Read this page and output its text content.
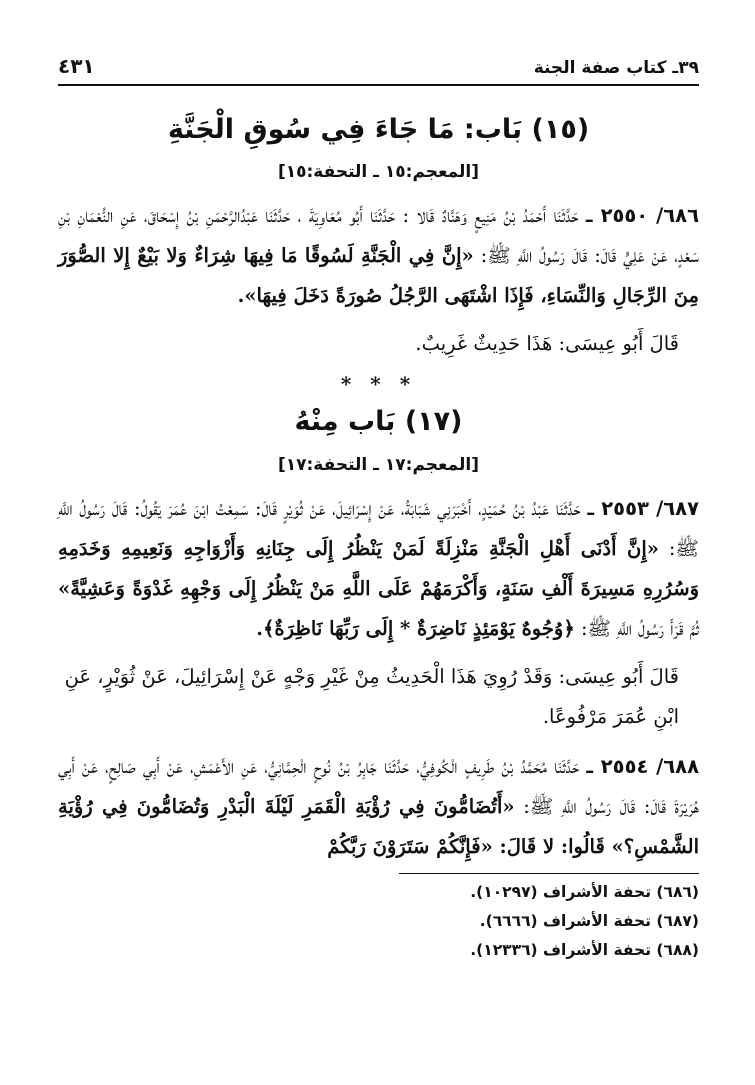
٣٩ـ كتاب صفة الجنة
٤٣١
(١٥) بَاب: مَا جَاءَ فِي سُوقِ الْجَنَّةِ
[المعجم:١٥ ـ التحفة:١٥]
٦٨٦/ ٢٥٥٠ ـ حَدَّثَنَا أَحْمَدُ بْنُ مَنِيعٍ وَهَنَّادٌ قَالا : حَدَّثَنَا أَبُو مُعَاوِيَةَ ، حَدَّثَنَا عَبْدُالرَّحْمَنِ بْنُ إِسْحَاقَ، عَنِ النُّعْمَانِ بْنِ سَعْدٍ، عَنْ عَلِيٍّ قَالَ: قَالَ رَسُولُ اللَّهِ ﷺ: «إِنَّ فِي الْجَنَّةِ لَسُوقًا مَا فِيهَا شِرَاءٌ وَلا بَيْعٌ إِلا الصُّوَرَ مِنَ الرِّجَالِ وَالنِّسَاءِ، فَإِذَا اشْتَهَى الرَّجُلُ صُورَةً دَخَلَ فِيهَا».
قَالَ أَبُو عِيسَى: هَذَا حَدِيثٌ غَرِيبٌ.
* * *
(١٧) بَاب مِنْهُ
[المعجم:١٧ ـ التحفة:١٧]
٦٨٧/ ٢٥٥٣ ـ حَدَّثَنَا عَبْدُ بْنُ حُمَيْدٍ، أَخْبَرَنِي شَبَابَةُ، عَنْ إِسْرَائِيلَ، عَنْ ثُوَيْرٍ قَالَ: سَمِعْتُ ابْنَ عُمَرَ يَقُولُ: قَالَ رَسُولُ اللَّهِ ﷺ: «إِنَّ أَدْنَى أَهْلِ الْجَنَّةِ مَنْزِلَةً لَمَنْ يَنْظُرُ إِلَى جِنَانِهِ وَأَزْوَاجِهِ وَنَعِيمِهِ وَخَدَمِهِ وَسُرُرِهِ مَسِيرَةَ أَلْفِ سَنَةٍ، وَأَكْرَمَهُمْ عَلَى اللَّهِ مَنْ يَنْظُرُ إِلَى وَجْهِهِ غَدْوَةً وَعَشِيَّةً» ثُمَّ قَرَأَ رَسُولُ اللَّهِ ﷺ: ﴿وُجُوهٌ يَوْمَئِذٍ نَاضِرَةٌ * إِلَى رَبِّهَا نَاظِرَةٌ﴾.
قَالَ أَبُو عِيسَى: وَقَدْ رُوِيَ هَذَا الْحَدِيثُ مِنْ غَيْرِ وَجْهٍ عَنْ إِسْرَائِيلَ، عَنْ ثُوَيْرٍ، عَنِ ابْنِ عُمَرَ مَرْفُوعًا.
٦٨٨/ ٢٥٥٤ ـ حَدَّثَنَا مُحَمَّدُ بْنُ طَرِيفٍ الْكُوفِيُّ، حَدَّثَنَا جَابِرُ بْنُ نُوحٍ الْحِمَّانِيُّ، عَنِ الأَعْمَشِ، عَنْ أَبِي صَالِحٍ، عَنْ أَبِي هُرَيْرَةَ قَالَ: قَالَ رَسُولُ اللَّهِ ﷺ: «أَتُضَامُّونَ فِي رُؤْيَةِ الْقَمَرِ لَيْلَةَ الْبَدْرِ وَتُضَامُّونَ فِي رُؤْيَةِ الشَّمْسِ؟» قَالُوا: لا قَالَ: «فَإِنَّكُمْ سَتَرَوْنَ رَبَّكُمْ
(٦٨٦) تحفة الأشراف (١٠٢٩٧).
(٦٨٧) تحفة الأشراف (٦٦٦٦).
(٦٨٨) تحفة الأشراف (١٢٣٣٦).
